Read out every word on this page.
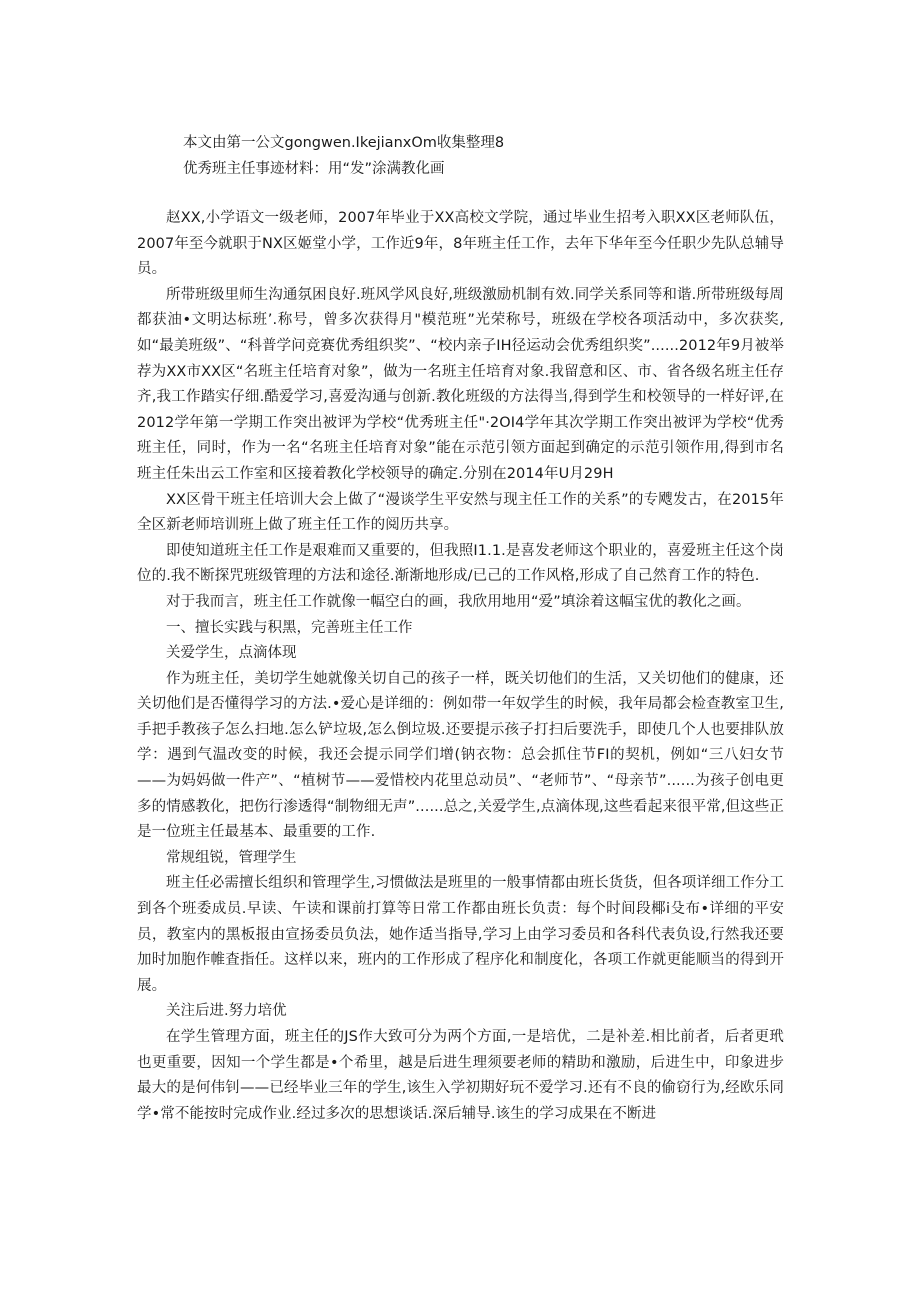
本文由第一公文gongwen.IkejianxOm收集整理8

优秀班主任事迹材料：用“发”涂满教化画

赵XX,小学语文一级老师，2007年毕业于XX高校文学院，通过毕业生招考入职XX区老师队伍，2007年至今就职于NX区姬堂小学，工作近9年，8年班主任工作，去年下华年至今任职少先队总辅导员。

所带班级里师生沟通氛困良好.班风学风良好,班级激励机制有效.同学关系同等和谐.所带班级每周都获油•文明达标班’.称号，曾多次获得月"模范班”光荣称号，班级在学校各项活动中，多次获奖,如“最美班级”、“科普学问竞赛优秀组织奖”、“校内亲子IH径运动会优秀组织奖”......2012年9月被举荐为XX市XX区“名班主任培育对象”，做为一名班主任培育对象.我留意和区、市、省各级名班主任存齐,我工作踏实仔细.酷爱学习,喜爱沟通与创新.教化班级的方法得当,得到学生和校领导的一样好评,在2012学年第一学期工作突出被评为学校“优秀班主任"·2OI4学年其次学期工作突出被评为学校“优秀班主任，同时，作为一名“名班主任培育对象”能在示范引领方面起到确定的示范引领作用,得到市名班主任朱出云工作室和区接着教化学校领导的确定.分别在2014年U月29H

XX区骨干班主任培训大会上做了“漫谈学生平安然与现主任工作的关系”的专飕发古，在2015年全区新老师培训班上做了班主任工作的阅历共享。

即使知道班主任工作是艰难而又重要的，但我照I1.1.是喜发老师这个职业的，喜爱班主任这个岗位的.我不断探咒班级管理的方法和途径.渐渐地形成/已己的工作风格,形成了自己然育工作的特色.

对于我而言，班主任工作就像一幅空白的画，我欣用地用“爱”填涂着这幅宝优的教化之画。

一、擅长实践与积黑，完善班主任工作

关爱学生，点滴体现

作为班主任，美切学生她就像关切自己的孩子一样，既关切他们的生活，又关切他们的健康，还关切他们是否懂得学习的方法.•爱心是详细的：例如带一年奴学生的时候，我年局都会检查教室卫生,手把手教孩子怎么扫地.怎么铲垃圾,怎么倒垃圾.还要提示孩子打扫后要洗手，即使几个人也要排队放学：遇到气温改变的时候，我还会提示同学们增(钠衣物：总会抓住节FI的契机，例如“三八妇女节——为妈妈做一件产”、“植树节——爱惜校内花里总动员”、“老师节”、“母亲节”......为孩子创电更多的情感教化，把伤行渗透得“制物细无声”......总之,关爱学生,点滴体现,这些看起来很平常,但这些正是一位班主任最基本、最重要的工作.

常规组锐，管理学生

班主任必需擅长组织和管理学生,习惯做法是班里的一般事情都由班长货货，但各项详细工作分工到各个班委成员.早读、午读和课前打算等日常工作都由班长负责：每个时间段椰i殳布•详细的平安员，教室内的黑板报由宣扬委员负法，她作适当指导,学习上由学习委员和各科代表负设,行然我还要加时加胞作帷査指任。这样以来，班内的工作形成了程序化和制度化，各项工作就更能顺当的得到开展。

关注后进.努力培优

在学生管理方面，班主任的JS作大致可分为两个方面,一是培优，二是补差.相比前者，后者更玳也更重要，因知一个学生都是•个希里，越是后进生理须要老师的精助和激励，后进生中，印象进步最大的是何伟钊——已经毕业三年的学生,该生入学初期好玩不爱学习.还有不良的偷窃行为,经欧乐同学•常不能按时完成作业.经过多次的思想谈话.深后辅导.该生的学习成果在不断进
